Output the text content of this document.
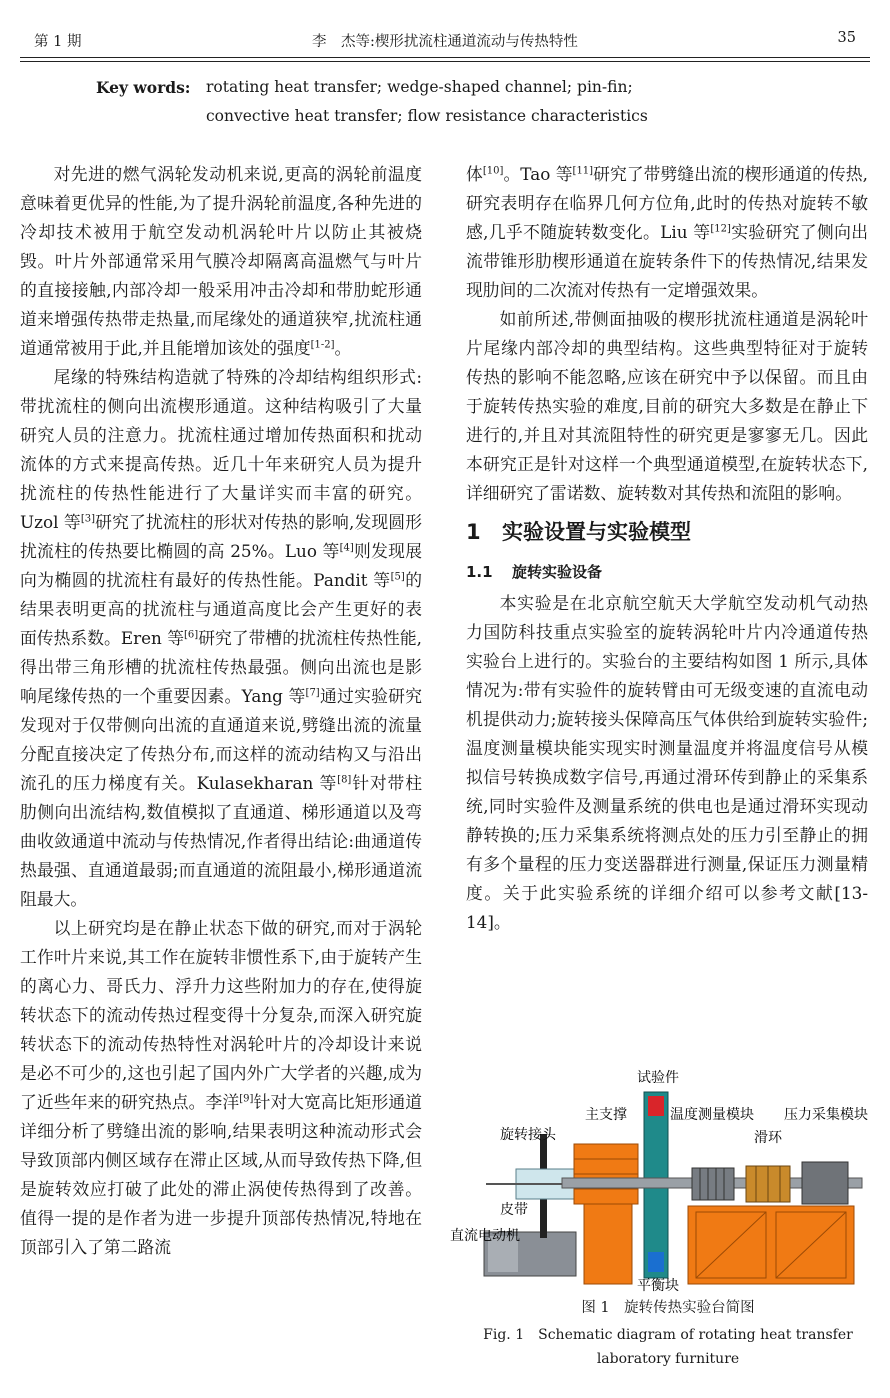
第 1 期	李　杰等:楔形扰流柱通道流动与传热特性	35
Key words: rotating heat transfer; wedge-shaped channel; pin-fin;
convective heat transfer; flow resistance characteristics

对先进的燃气涡轮发动机来说,更高的涡轮前温度意味着更优异的性能,为了提升涡轮前温度,各种先进的冷却技术被用于航空发动机涡轮叶片以防止其被烧毁。叶片外部通常采用气膜冷却隔离高温燃气与叶片的直接接触,内部冷却一般采用冲击冷却和带肋蛇形通道来增强传热带走热量,而尾缘处的通道狭窄,扰流柱通道通常被用于此,并且能增加该处的强度[1-2]。

尾缘的特殊结构造就了特殊的冷却结构组织形式:带扰流柱的侧向出流楔形通道。这种结构吸引了大量研究人员的注意力。扰流柱通过增加传热面积和扰动流体的方式来提高传热。近几十年来研究人员为提升扰流柱的传热性能进行了大量详实而丰富的研究。Uzol 等[3]研究了扰流柱的形状对传热的影响,发现圆形扰流柱的传热要比椭圆的高 25%。Luo 等[4]则发现展向为椭圆的扰流柱有最好的传热性能。Pandit 等[5]的结果表明更高的扰流柱与通道高度比会产生更好的表面传热系数。Eren 等[6]研究了带槽的扰流柱传热性能,得出带三角形槽的扰流柱传热最强。侧向出流也是影响尾缘传热的一个重要因素。Yang 等[7]通过实验研究发现对于仅带侧向出流的直通道来说,劈缝出流的流量分配直接决定了传热分布,而这样的流动结构又与沿出流孔的压力梯度有关。Kulasekharan 等[8]针对带柱肋侧向出流结构,数值模拟了直通道、梯形通道以及弯曲收敛通道中流动与传热情况,作者得出结论:曲通道传热最强、直通道最弱;而直通道的流阻最小,梯形通道流阻最大。

以上研究均是在静止状态下做的研究,而对于涡轮工作叶片来说,其工作在旋转非惯性系下,由于旋转产生的离心力、哥氏力、浮升力这些附加力的存在,使得旋转状态下的流动传热过程变得十分复杂,而深入研究旋转状态下的流动传热特性对涡轮叶片的冷却设计来说是必不可少的,这也引起了国内外广大学者的兴趣,成为了近些年来的研究热点。李洋[9]针对大宽高比矩形通道详细分析了劈缝出流的影响,结果表明这种流动形式会导致顶部内侧区域存在滞止区域,从而导致传热下降,但是旋转效应打破了此处的滞止涡使传热得到了改善。值得一提的是作者为进一步提升顶部传热情况,特地在顶部引入了第二路流

体[10]。Tao 等[11]研究了带劈缝出流的楔形通道的传热,研究表明存在临界几何方位角,此时的传热对旋转不敏感,几乎不随旋转数变化。Liu 等[12]实验研究了侧向出流带锥形肋楔形通道在旋转条件下的传热情况,结果发现肋间的二次流对传热有一定增强效果。

如前所述,带侧面抽吸的楔形扰流柱通道是涡轮叶片尾缘内部冷却的典型结构。这些典型特征对于旋转传热的影响不能忽略,应该在研究中予以保留。而且由于旋转传热实验的难度,目前的研究大多数是在静止下进行的,并且对其流阻特性的研究更是寥寥无几。因此本研究正是针对这样一个典型通道模型,在旋转状态下,详细研究了雷诺数、旋转数对其传热和流阻的影响。

1 实验设置与实验模型
1.1 旋转实验设备

本实验是在北京航空航天大学航空发动机气动热力国防科技重点实验室的旋转涡轮叶片内冷通道传热实验台上进行的。实验台的主要结构如图 1 所示,具体情况为:带有实验件的旋转臂由可无级变速的直流电动机提供动力;旋转接头保障高压气体供给到旋转实验件;温度测量模块能实现实时测量温度并将温度信号从模拟信号转换成数字信号,再通过滑环传到静止的采集系统,同时实验件及测量系统的供电也是通过滑环实现动静转换的;压力采集系统将测点处的压力引至静止的拥有多个量程的压力变送器群进行测量,保证压力测量精度。关于此实验系统的详细介绍可以参考文献[13-14]。

试验件
主支撑
旋转接头
温度测量模块
滑环
压力采集模块
皮带
直流电动机
平衡块
图 1　旋转传热实验台简图
Fig. 1　Schematic diagram of rotating heat transfer
laboratory furniture
